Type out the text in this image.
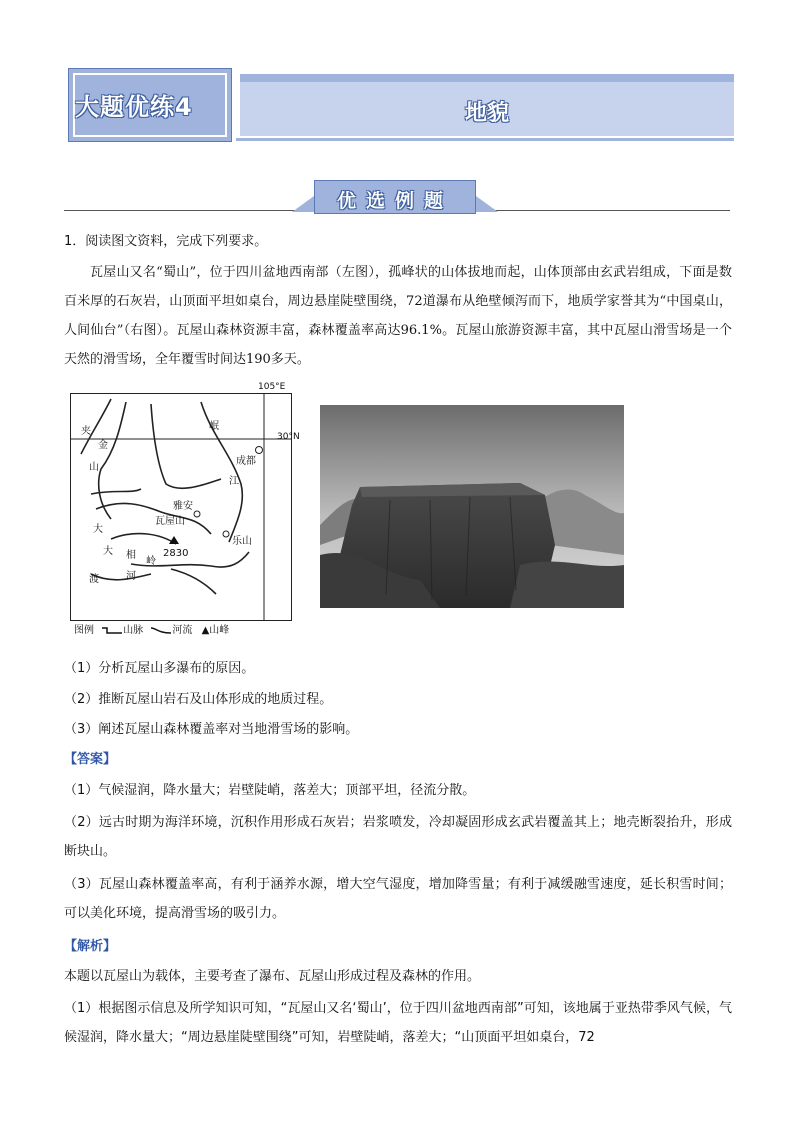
大题优练4	地貌
优选例题
1．阅读图文资料，完成下列要求。
瓦屋山又名“蜀山”，位于四川盆地西南部（左图），孤峰状的山体拔地而起，山体顶部由玄武岩组成，下面是数百米厚的石灰岩，山顶面平坦如桌台，周边悬崖陡壁围绕，72道瀑布从绝壁倾泻而下，地质学家誉其为“中国桌山，人间仙台”（右图）。瓦屋山森林资源丰富，森林覆盖率高达96.1%。瓦屋山旅游资源丰富，其中瓦屋山滑雪场是一个天然的滑雪场，全年覆雪时间达190多天。
夹
金
山
岷
江
成都
雅安
瓦屋山
2830
乐山
大
大 相
岭
渡	河
105°E
30°N
图例	山脉	河流 ▲山峰
（1）分析瓦屋山多瀑布的原因。
（2）推断瓦屋山岩石及山体形成的地质过程。
（3）阐述瓦屋山森林覆盖率对当地滑雪场的影响。
【答案】
（1）气候湿润，降水量大；岩壁陡峭，落差大；顶部平坦，径流分散。
（2）远古时期为海洋环境，沉积作用形成石灰岩；岩浆喷发，冷却凝固形成玄武岩覆盖其上；地壳断裂抬升，形成断块山。
（3）瓦屋山森林覆盖率高，有利于涵养水源，增大空气湿度，增加降雪量；有利于减缓融雪速度，延长积雪时间；可以美化环境，提高滑雪场的吸引力。
【解析】
本题以瓦屋山为载体，主要考查了瀑布、瓦屋山形成过程及森林的作用。
（1）根据图示信息及所学知识可知，“瓦屋山又名‘蜀山’，位于四川盆地西南部”可知，该地属于亚热带季风气候，气候湿润，降水量大；“周边悬崖陡壁围绕”可知，岩壁陡峭，落差大；“山顶面平坦如桌台，72
